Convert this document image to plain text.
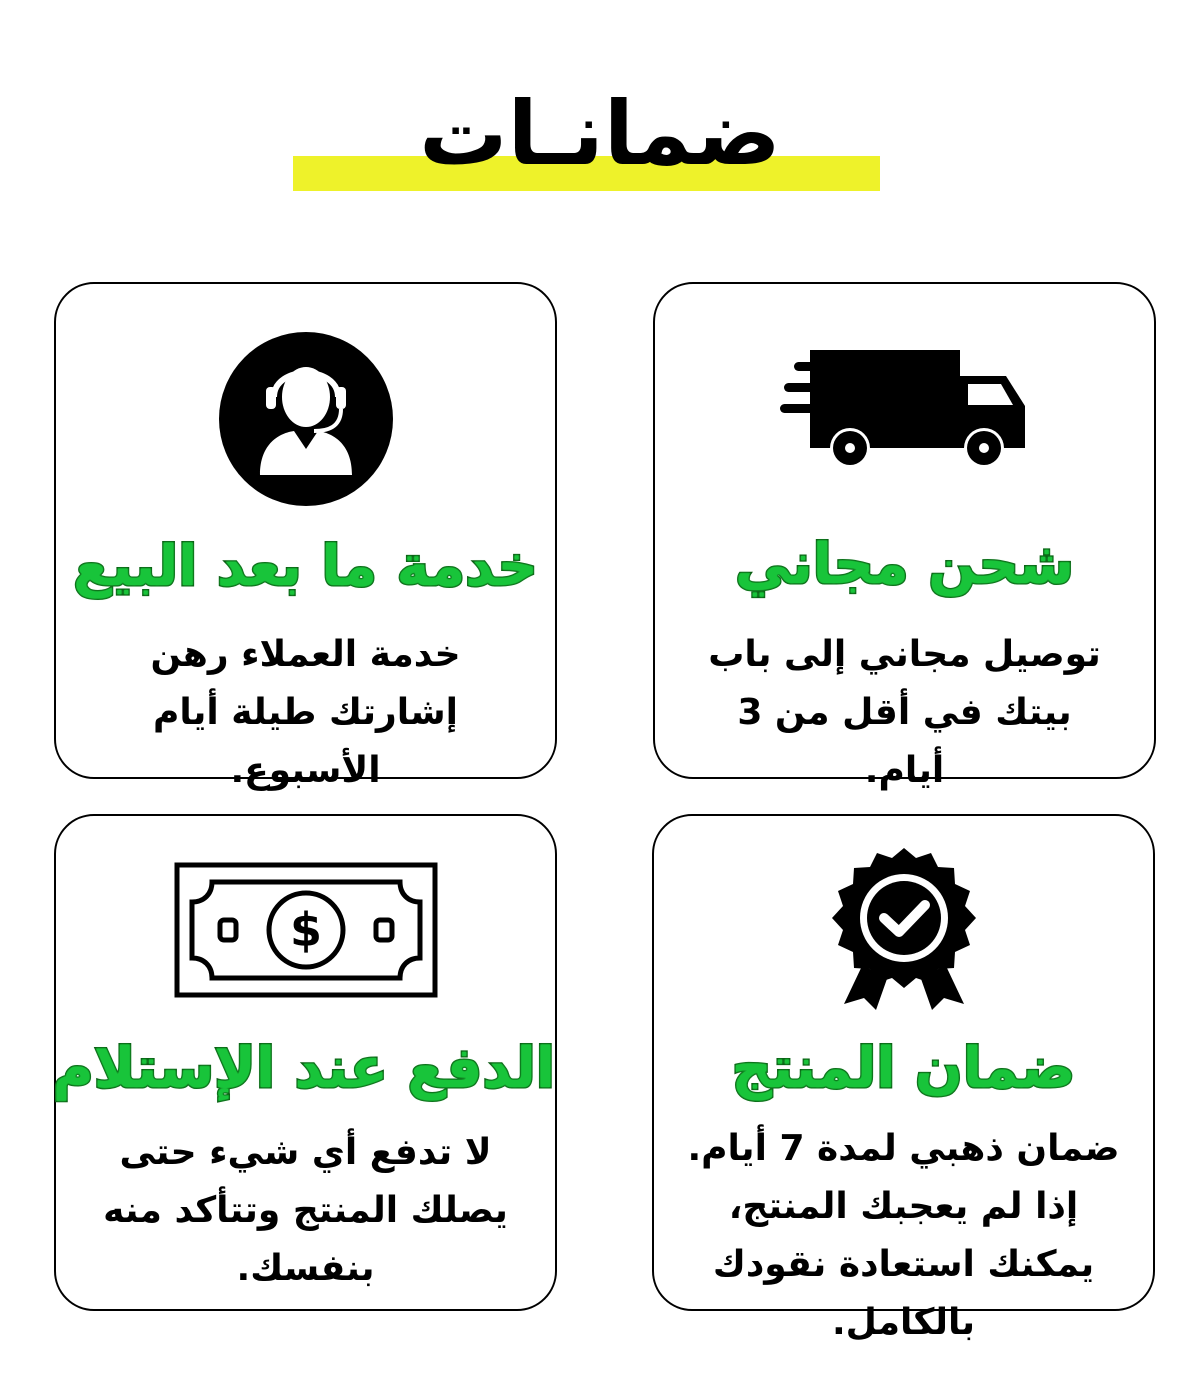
ضمانـات
شحن مجاني
توصيل مجاني إلى باب بيتك في أقل من 3 أيام.
خدمة ما بعد البيع
خدمة العملاء رهن إشارتك طيلة أيام الأسبوع.
ضمان المنتج
ضمان ذهبي لمدة 7 أيام. إذا لم يعجبك المنتج، يمكنك استعادة نقودك بالكامل.
$
الدفع عند الإستلام
لا تدفع أي شيء حتى يصلك المنتج وتتأكد منه بنفسك.
